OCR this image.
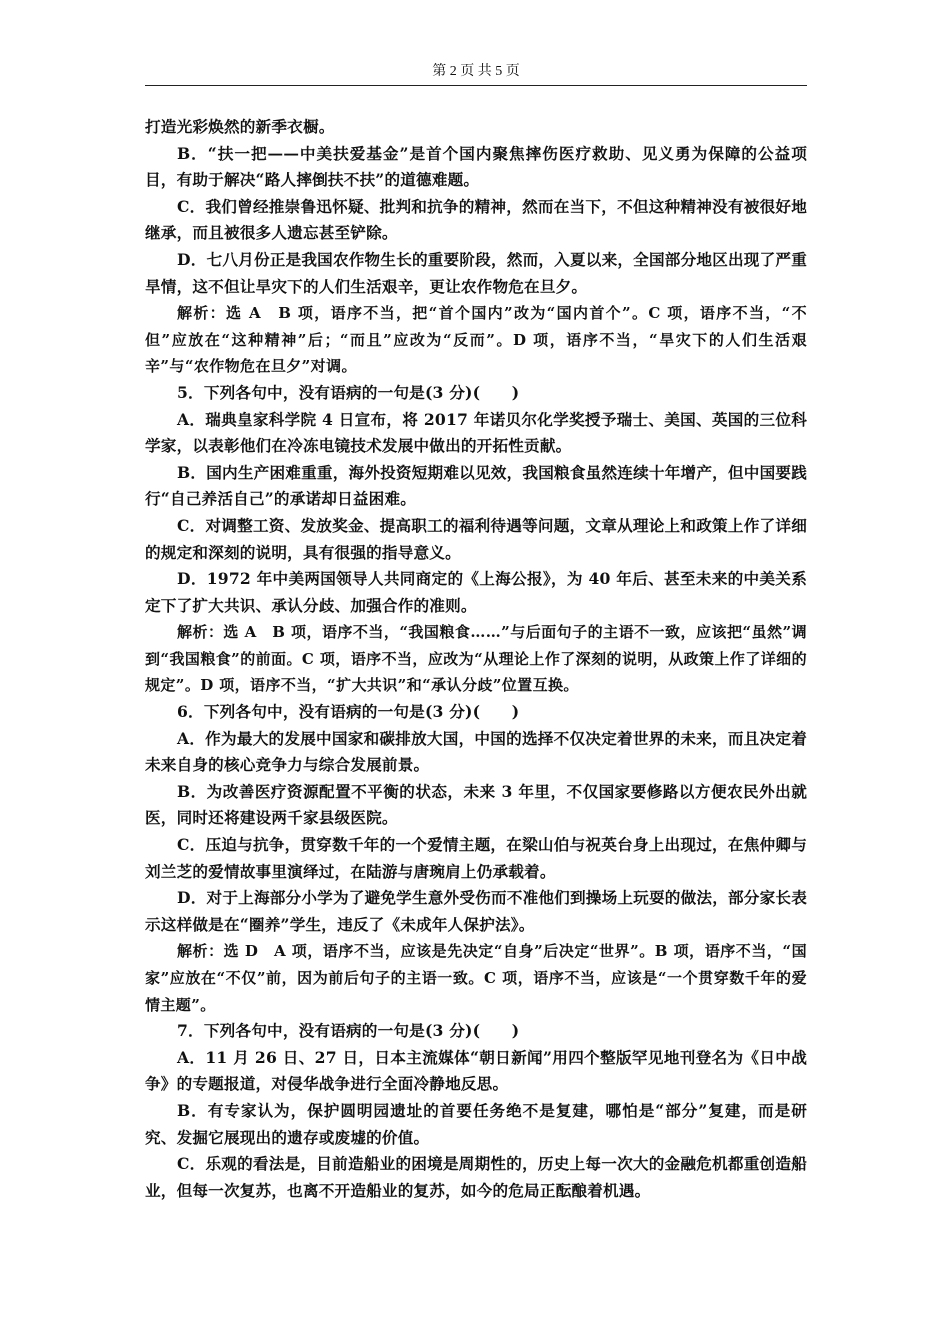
第 2 页 共 5 页

打造光彩焕然的新季衣橱。

B．“扶一把——中美扶爱基金”是首个国内聚焦摔伤医疗救助、见义勇为保障的公益项目，有助于解决“路人摔倒扶不扶”的道德难题。

C．我们曾经推崇鲁迅怀疑、批判和抗争的精神，然而在当下，不但这种精神没有被很好地继承，而且被很多人遗忘甚至铲除。

D．七八月份正是我国农作物生长的重要阶段，然而，入夏以来，全国部分地区出现了严重旱情，这不但让旱灾下的人们生活艰辛，更让农作物危在旦夕。

解析：选 A　B 项，语序不当，把“首个国内”改为“国内首个”。C 项，语序不当，“不但”应放在“这种精神”后；“而且”应改为“反而”。D 项，语序不当，“旱灾下的人们生活艰辛”与“农作物危在旦夕”对调。

5．下列各句中，没有语病的一句是(3 分)(　　)

A．瑞典皇家科学院 4 日宣布，将 2017 年诺贝尔化学奖授予瑞士、美国、英国的三位科学家，以表彰他们在冷冻电镜技术发展中做出的开拓性贡献。

B．国内生产困难重重，海外投资短期难以见效，我国粮食虽然连续十年增产，但中国要践行“自己养活自己”的承诺却日益困难。

C．对调整工资、发放奖金、提高职工的福利待遇等问题，文章从理论上和政策上作了详细的规定和深刻的说明，具有很强的指导意义。

D．1972 年中美两国领导人共同商定的《上海公报》，为 40 年后、甚至未来的中美关系定下了扩大共识、承认分歧、加强合作的准则。

解析：选 A　B 项，语序不当，“我国粮食……”与后面句子的主语不一致，应该把“虽然”调到“我国粮食”的前面。C 项，语序不当，应改为“从理论上作了深刻的说明，从政策上作了详细的规定”。D 项，语序不当，“扩大共识”和“承认分歧”位置互换。

6．下列各句中，没有语病的一句是(3 分)(　　)

A．作为最大的发展中国家和碳排放大国，中国的选择不仅决定着世界的未来，而且决定着未来自身的核心竞争力与综合发展前景。

B．为改善医疗资源配置不平衡的状态，未来 3 年里，不仅国家要修路以方便农民外出就医，同时还将建设两千家县级医院。

C．压迫与抗争，贯穿数千年的一个爱情主题，在梁山伯与祝英台身上出现过，在焦仲卿与刘兰芝的爱情故事里演绎过，在陆游与唐琬肩上仍承载着。

D．对于上海部分小学为了避免学生意外受伤而不准他们到操场上玩耍的做法，部分家长表示这样做是在“圈养”学生，违反了《未成年人保护法》。

解析：选 D　A 项，语序不当，应该是先决定“自身”后决定“世界”。B 项，语序不当，“国家”应放在“不仅”前，因为前后句子的主语一致。C 项，语序不当，应该是“一个贯穿数千年的爱情主题”。

7．下列各句中，没有语病的一句是(3 分)(　　)

A．11 月 26 日、27 日，日本主流媒体“朝日新闻”用四个整版罕见地刊登名为《日中战争》的专题报道，对侵华战争进行全面冷静地反思。

B．有专家认为，保护圆明园遗址的首要任务绝不是复建，哪怕是“部分”复建，而是研究、发掘它展现出的遗存或废墟的价值。

C．乐观的看法是，目前造船业的困境是周期性的，历史上每一次大的金融危机都重创造船业，但每一次复苏，也离不开造船业的复苏，如今的危局正酝酿着机遇。
